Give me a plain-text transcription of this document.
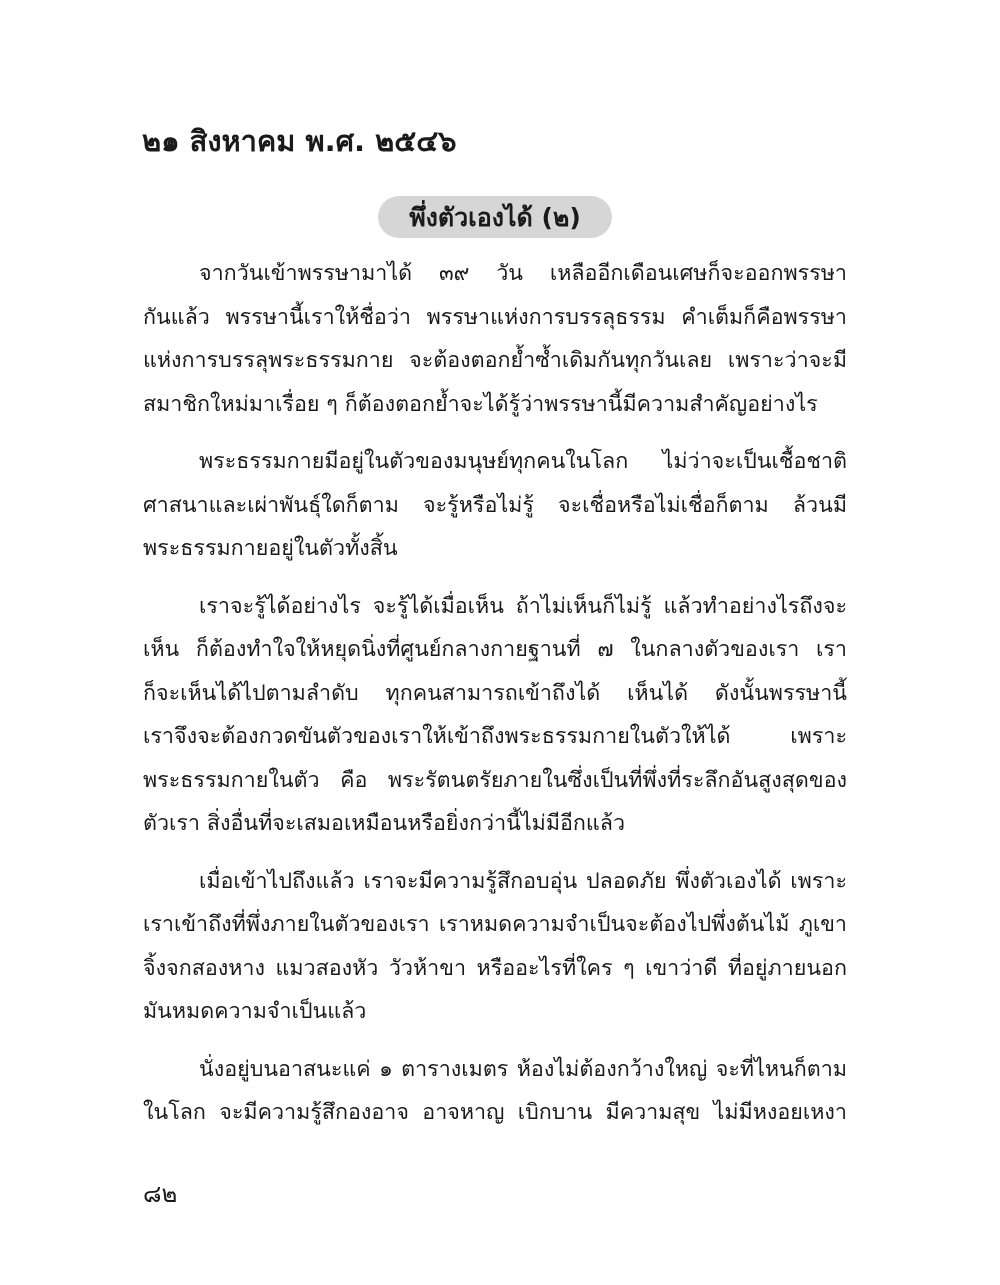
๒๑ สิงหาคม พ.ศ. ๒๕๔๖
พึ่งตัวเองได้ (๒)
จากวันเข้าพรรษามาได้ ๓๙ วัน เหลืออีกเดือนเศษก็จะออกพรรษา
กันแล้ว พรรษานี้เราให้ชื่อว่า พรรษาแห่งการบรรลุธรรม คำเต็มก็คือพรรษา
แห่งการบรรลุพระธรรมกาย จะต้องตอกย้ำซ้ำเดิมกันทุกวันเลย เพราะว่าจะมี
สมาชิกใหม่มาเรื่อย ๆ ก็ต้องตอกย้ำจะได้รู้ว่าพรรษานี้มีความสำคัญอย่างไร
พระธรรมกายมีอยู่ในตัวของมนุษย์ทุกคนในโลก ไม่ว่าจะเป็นเชื้อชาติ
ศาสนาและเผ่าพันธุ์ใดก็ตาม จะรู้หรือไม่รู้ จะเชื่อหรือไม่เชื่อก็ตาม ล้วนมี
พระธรรมกายอยู่ในตัวทั้งสิ้น
เราจะรู้ได้อย่างไร จะรู้ได้เมื่อเห็น ถ้าไม่เห็นก็ไม่รู้ แล้วทำอย่างไรถึงจะ
เห็น ก็ต้องทำใจให้หยุดนิ่งที่ศูนย์กลางกายฐานที่ ๗ ในกลางตัวของเรา เรา
ก็จะเห็นได้ไปตามลำดับ ทุกคนสามารถเข้าถึงได้ เห็นได้ ดังนั้นพรรษานี้
เราจึงจะต้องกวดขันตัวของเราให้เข้าถึงพระธรรมกายในตัวให้ได้ เพราะ
พระธรรมกายในตัว คือ พระรัตนตรัยภายในซึ่งเป็นที่พึ่งที่ระลึกอันสูงสุดของ
ตัวเรา สิ่งอื่นที่จะเสมอเหมือนหรือยิ่งกว่านี้ไม่มีอีกแล้ว
เมื่อเข้าไปถึงแล้ว เราจะมีความรู้สึกอบอุ่น ปลอดภัย พึ่งตัวเองได้ เพราะ
เราเข้าถึงที่พึ่งภายในตัวของเรา เราหมดความจำเป็นจะต้องไปพึ่งต้นไม้ ภูเขา
จิ้งจกสองหาง แมวสองหัว วัวห้าขา หรืออะไรที่ใคร ๆ เขาว่าดี ที่อยู่ภายนอก
มันหมดความจำเป็นแล้ว
นั่งอยู่บนอาสนะแค่ ๑ ตารางเมตร ห้องไม่ต้องกว้างใหญ่ จะที่ไหนก็ตาม
ในโลก จะมีความรู้สึกองอาจ อาจหาญ เบิกบาน มีความสุข ไม่มีหงอยเหงา
๘๒
